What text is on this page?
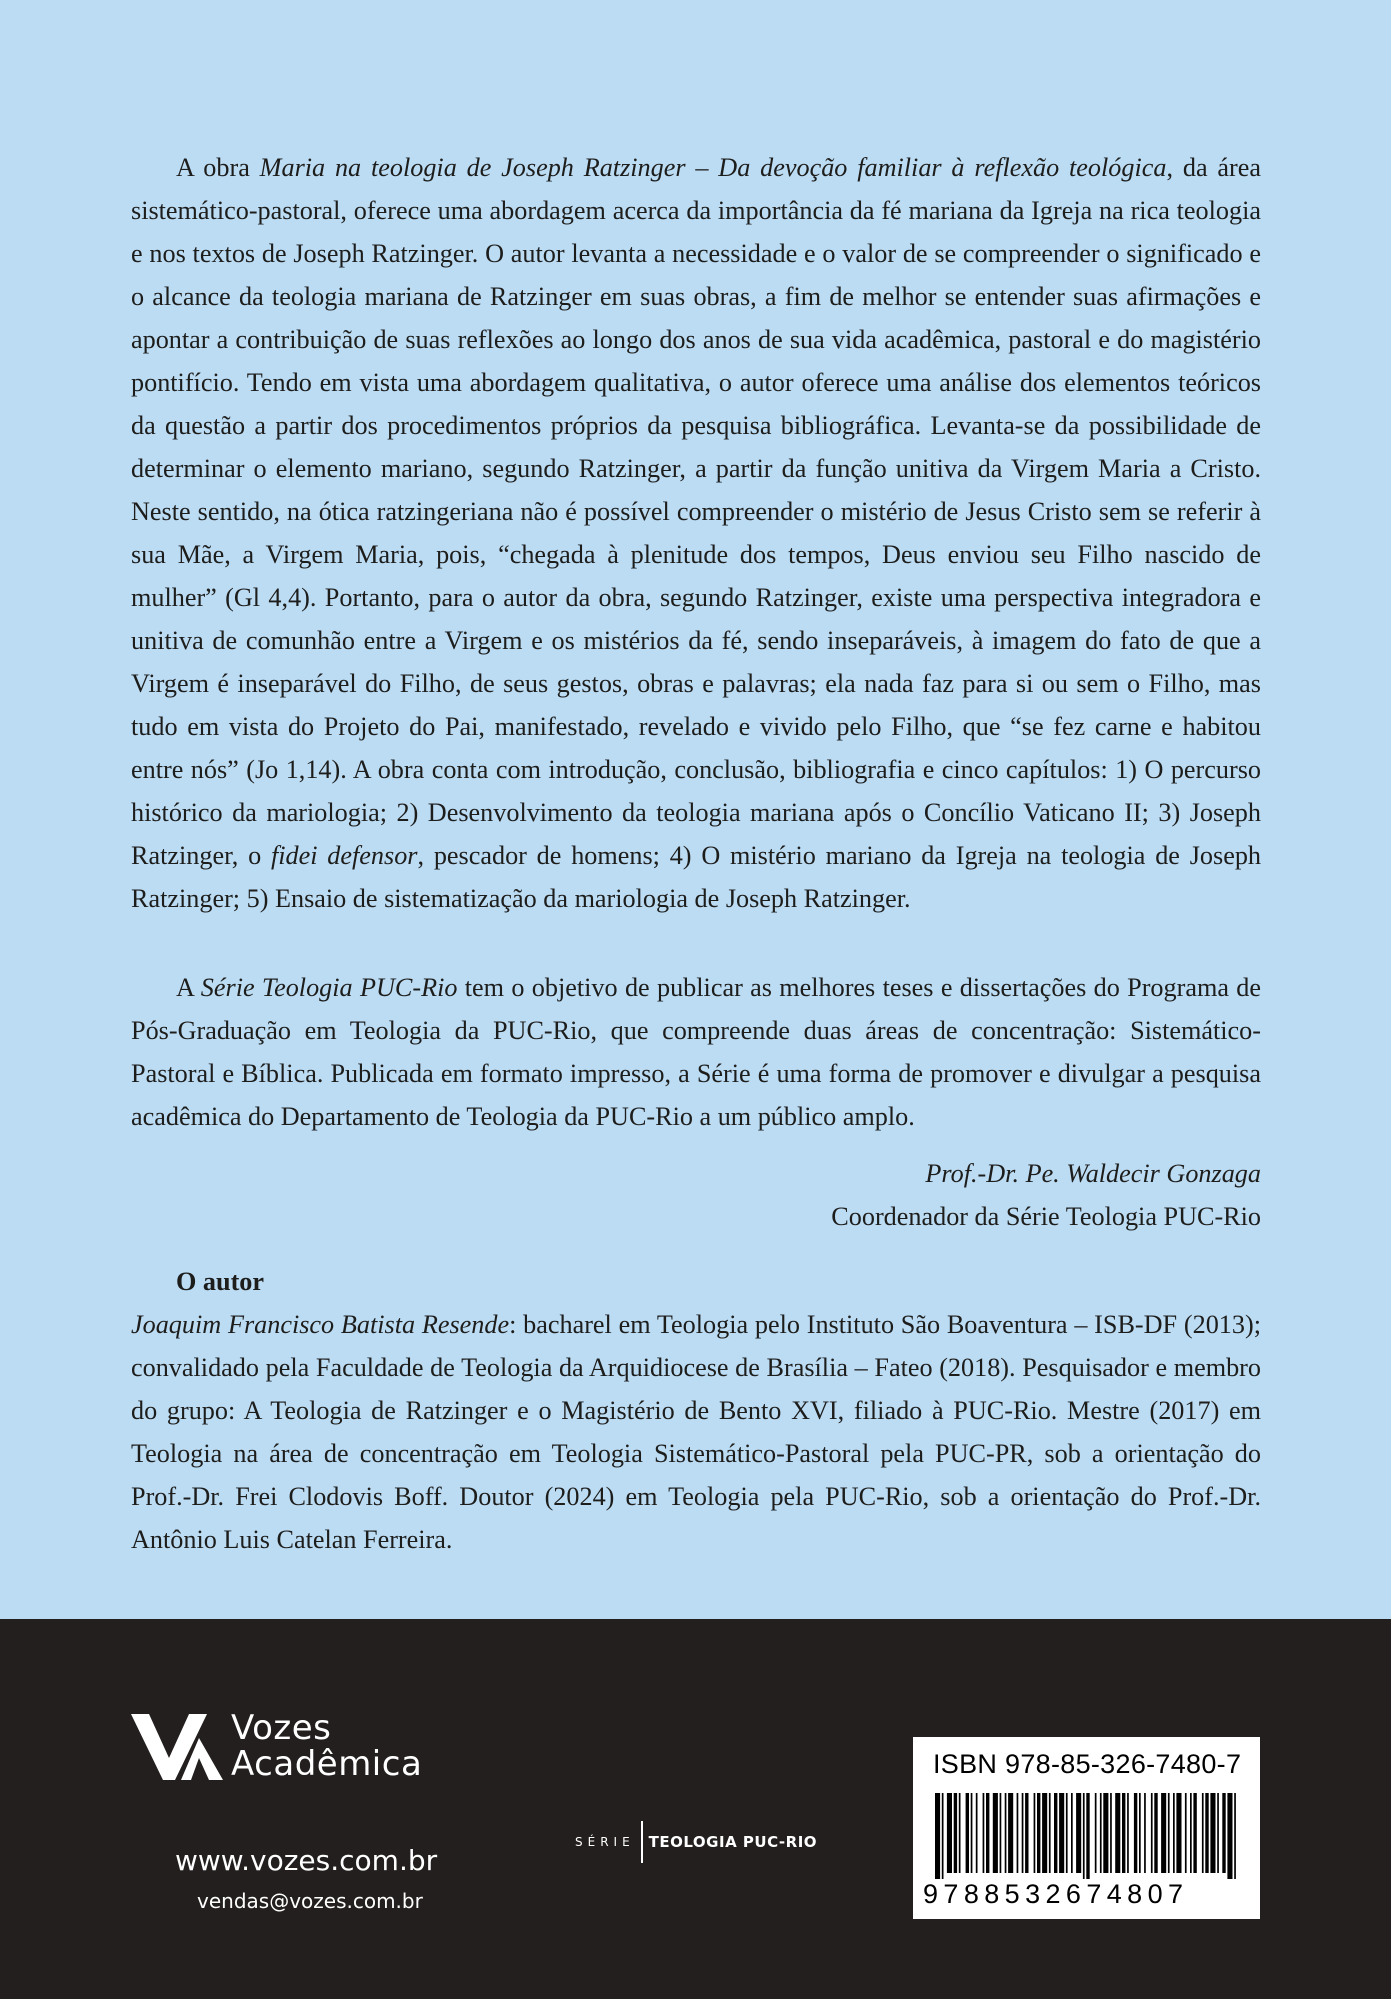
A obra Maria na teologia de Joseph Ratzinger – Da devoção familiar à reflexão teológica, da área sistemático-pastoral, oferece uma abordagem acerca da importância da fé mariana da Igreja na rica teologia e nos textos de Joseph Ratzinger. O autor levanta a necessidade e o valor de se compreender o significado e o alcance da teologia mariana de Ratzinger em suas obras, a fim de melhor se entender suas afirmações e apontar a contribuição de suas reflexões ao longo dos anos de sua vida acadêmica, pastoral e do magistério pontifício. Tendo em vista uma abordagem qualitativa, o autor oferece uma análise dos elementos teóricos da questão a partir dos procedimentos próprios da pesquisa bibliográfica. Levanta-se da possibilidade de determinar o elemento mariano, segundo Ratzinger, a partir da função unitiva da Virgem Maria a Cristo. Neste sentido, na ótica ratzingeriana não é possível compreender o mistério de Jesus Cristo sem se referir à sua Mãe, a Virgem Maria, pois, “chegada à plenitude dos tempos, Deus enviou seu Filho nascido de mulher” (Gl 4,4). Portanto, para o autor da obra, segundo Ratzinger, existe uma perspectiva integradora e unitiva de comunhão entre a Virgem e os mistérios da fé, sendo inseparáveis, à imagem do fato de que a Virgem é inseparável do Filho, de seus gestos, obras e palavras; ela nada faz para si ou sem o Filho, mas tudo em vista do Projeto do Pai, manifestado, revelado e vivido pelo Filho, que “se fez carne e habitou entre nós” (Jo 1,14). A obra conta com introdução, conclusão, bibliografia e cinco capítulos: 1) O percurso histórico da mariologia; 2) Desenvolvimento da teologia mariana após o Concílio Vaticano II; 3) Joseph Ratzinger, o fidei defensor, pescador de homens; 4) O mistério mariano da Igreja na teologia de Joseph Ratzinger; 5) Ensaio de sistematização da mariologia de Joseph Ratzinger.

A Série Teologia PUC-Rio tem o objetivo de publicar as melhores teses e dissertações do Programa de Pós-Graduação em Teologia da PUC-Rio, que compreende duas áreas de concentração: Sistemático-Pastoral e Bíblica. Publicada em formato impresso, a Série é uma forma de promover e divulgar a pesquisa acadêmica do Departamento de Teologia da PUC-Rio a um público amplo.

Prof.-Dr. Pe. Waldecir Gonzaga
Coordenador da Série Teologia PUC-Rio
O autor

Joaquim Francisco Batista Resende: bacharel em Teologia pelo Instituto São Boaventura – ISB-DF (2013); convalidado pela Faculdade de Teologia da Arquidiocese de Brasília – Fateo (2018). Pesquisador e membro do grupo: A Teologia de Ratzinger e o Magistério de Bento XVI, filiado à PUC-Rio. Mestre (2017) em Teologia na área de concentração em Teologia Sistemático-Pastoral pela PUC-PR, sob a orientação do Prof.-Dr. Frei Clodovis Boff. Doutor (2024) em Teologia pela PUC-Rio, sob a orientação do Prof.-Dr. Antônio Luis Catelan Ferreira.

Vozes
Acadêmica
www.vozes.com.br
vendas@vozes.com.br
SÉRIE TEOLOGIA PUC-RIO
ISBN 978-85-326-7480-7
9788532674807
